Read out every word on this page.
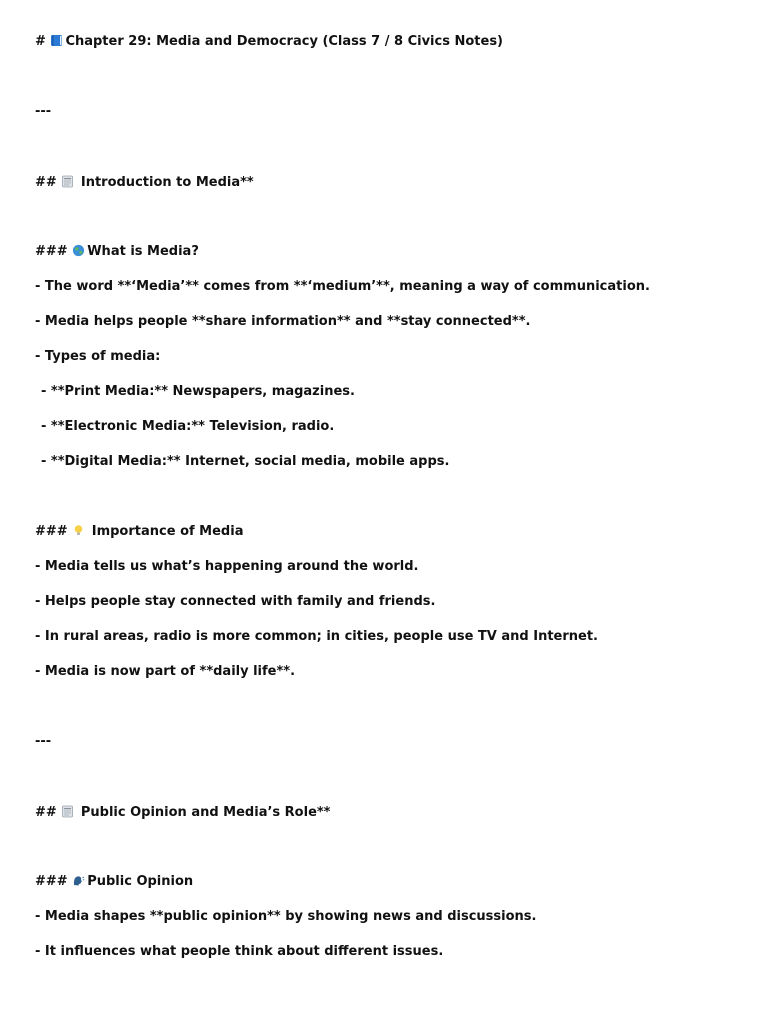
# Chapter 29: Media and Democracy (Class 7 / 8 Civics Notes)
---
##
Introduction to Media**
### What is Media?
- The word **‘Media’** comes from **‘medium’**, meaning a way of communication.
- Media helps people **share information** and **stay connected**.
- Types of media:
- **Print Media:** Newspapers, magazines.
- **Electronic Media:** Television, radio.
- **Digital Media:** Internet, social media, mobile apps.
###
Importance of Media
- Media tells us what’s happening around the world.
- Helps people stay connected with family and friends.
- In rural areas, radio is more common; in cities, people use TV and Internet.
- Media is now part of **daily life**.
---
##
Public Opinion and Media’s Role**
### Public Opinion
- Media shapes **public opinion** by showing news and discussions.
- It influences what people think about different issues.
